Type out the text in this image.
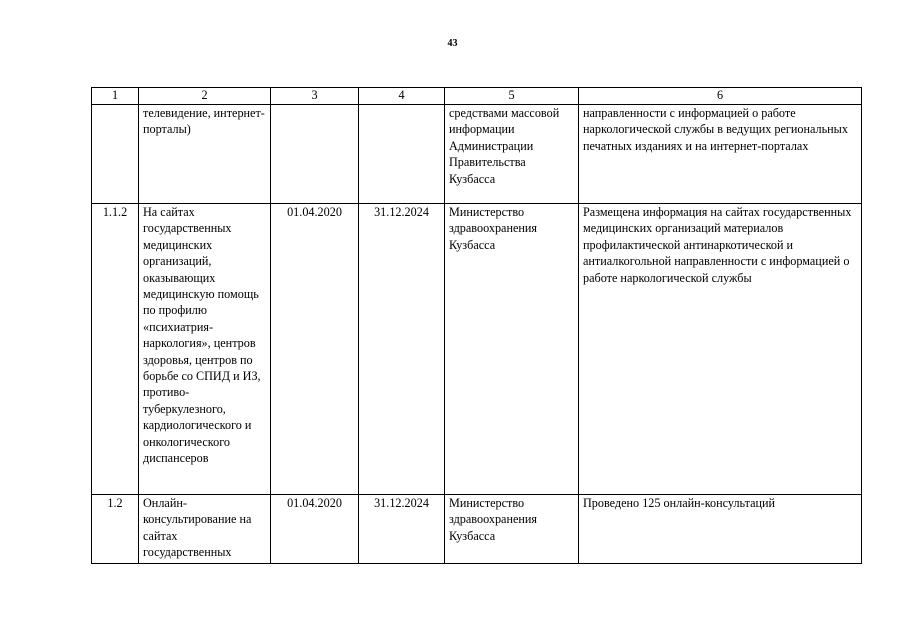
43
1	2	3	4	5	6
	телевидение, интернет-порталы)			средствами массовой информации Администрации Правительства Кузбасса	направленности с информацией о работе наркологической службы в ведущих региональных печатных изданиях и на интернет-порталах
1.1.2	На сайтах государственных медицинских организаций, оказывающих медицинскую помощь по профилю «психиатрия-наркология», центров здоровья, центров по борьбе со СПИД и ИЗ, противо-туберкулезного, кардиологического и онкологического диспансеров	01.04.2020	31.12.2024	Министерство здравоохранения Кузбасса	Размещена информация на сайтах государственных медицинских организаций материалов профилактической антинаркотической и антиалкогольной направленности с информацией о работе наркологической службы
1.2	Онлайн-консультирование на сайтах государственных	01.04.2020	31.12.2024	Министерство здравоохранения Кузбасса	Проведено 125 онлайн-консультаций
